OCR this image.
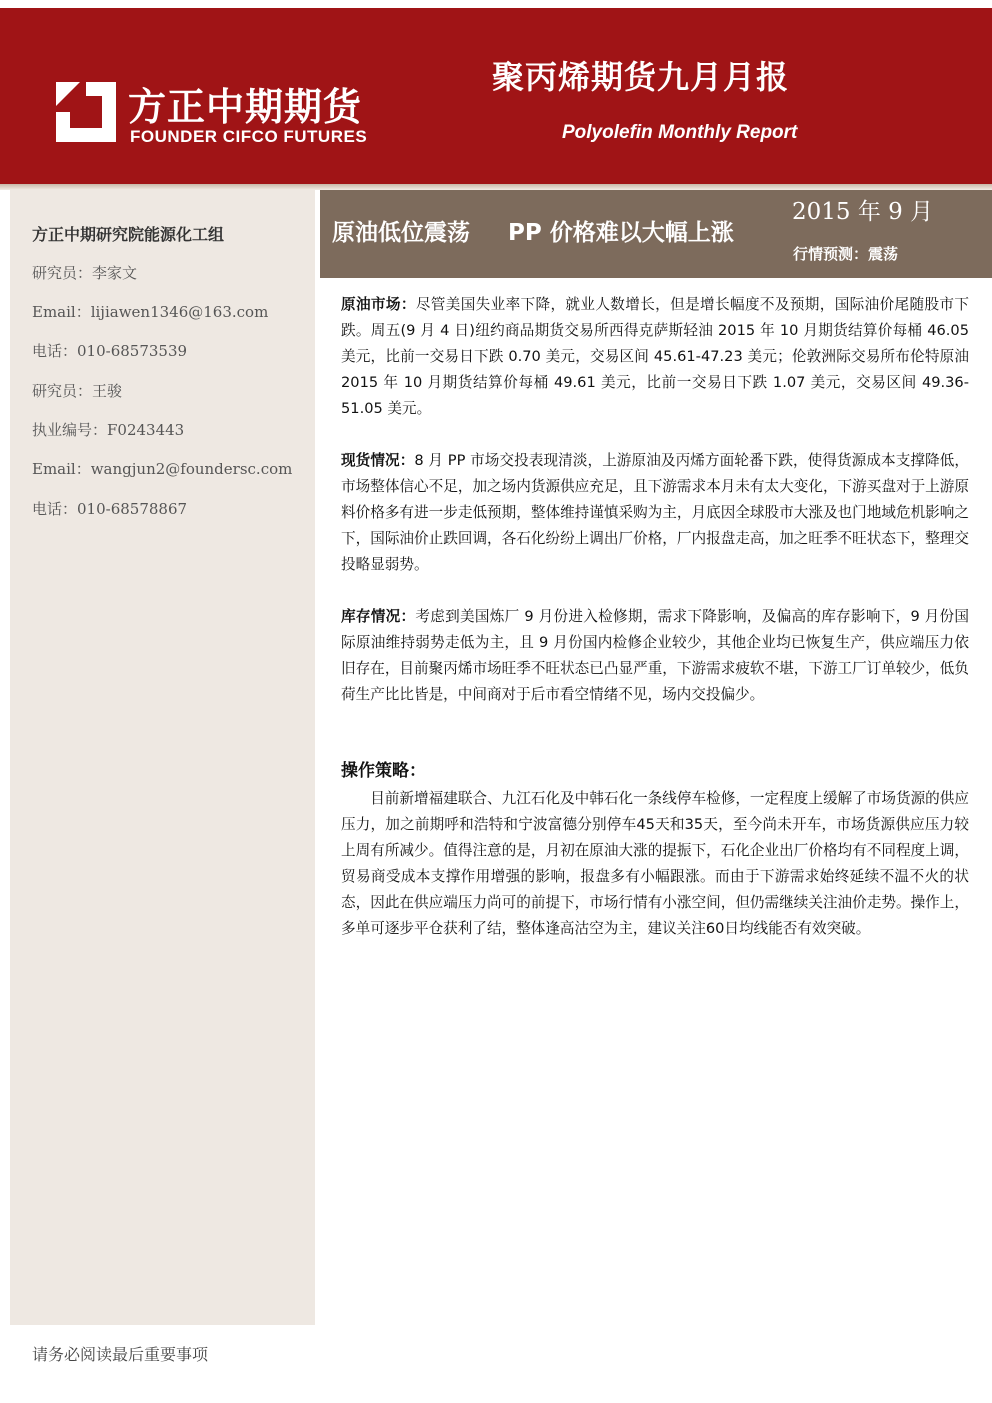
方正中期期货
FOUNDER CIFCO FUTURES
聚丙烯期货九月月报
Polyolefin Monthly Report
方正中期研究院能源化工组
研究员：李家文
Email：lijiawen1346@163.com
电话：010-68573539
研究员：王骏
执业编号：F0243443
Email：wangjun2@foundersc.com
电话：010-68578867
原油低位震荡 PP 价格难以大幅上涨
2015 年 9 月
行情预测：震荡

原油市场：尽管美国失业率下降，就业人数增长，但是增长幅度不及预期，国际油价尾随股市下跌。周五(9 月 4 日)纽约商品期货交易所西得克萨斯轻油 2015 年 10 月期货结算价每桶 46.05 美元，比前一交易日下跌 0.70 美元，交易区间 45.61-47.23 美元；伦敦洲际交易所布伦特原油 2015 年 10 月期货结算价每桶 49.61 美元，比前一交易日下跌 1.07 美元，交易区间 49.36-51.05 美元。

现货情况：8 月 PP 市场交投表现清淡，上游原油及丙烯方面轮番下跌，使得货源成本支撑降低，市场整体信心不足，加之场内货源供应充足，且下游需求本月未有太大变化，下游买盘对于上游原料价格多有进一步走低预期，整体维持谨慎采购为主，月底因全球股市大涨及也门地域危机影响之下，国际油价止跌回调，各石化纷纷上调出厂价格，厂内报盘走高，加之旺季不旺状态下，整理交投略显弱势。

库存情况：考虑到美国炼厂 9 月份进入检修期，需求下降影响，及偏高的库存影响下，9 月份国际原油维持弱势走低为主，且 9 月份国内检修企业较少，其他企业均已恢复生产，供应端压力依旧存在，目前聚丙烯市场旺季不旺状态已凸显严重，下游需求疲软不堪，下游工厂订单较少，低负荷生产比比皆是，中间商对于后市看空情绪不见，场内交投偏少。

操作策略：

目前新增福建联合、九江石化及中韩石化一条线停车检修，一定程度上缓解了市场货源的供应压力，加之前期呼和浩特和宁波富德分别停车45天和35天，至今尚未开车，市场货源供应压力较上周有所减少。值得注意的是，月初在原油大涨的提振下，石化企业出厂价格均有不同程度上调，贸易商受成本支撑作用增强的影响，报盘多有小幅跟涨。而由于下游需求始终延续不温不火的状态，因此在供应端压力尚可的前提下，市场行情有小涨空间，但仍需继续关注油价走势。操作上，多单可逐步平仓获利了结，整体逢高沽空为主，建议关注60日均线能否有效突破。

请务必阅读最后重要事项
